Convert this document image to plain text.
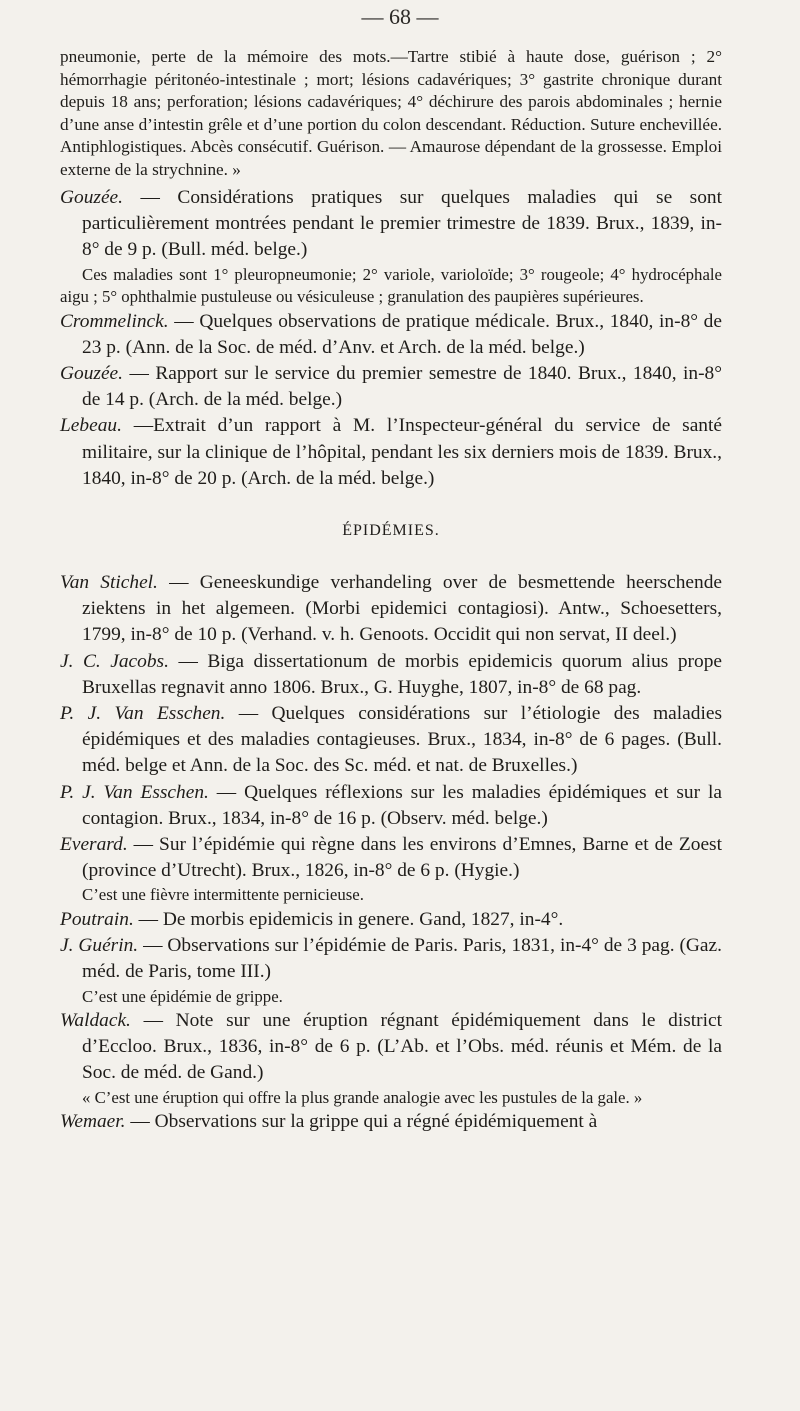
— 68 —

pneumonie, perte de la mémoire des mots.—Tartre stibié à haute dose, guérison ; 2° hémorrhagie péritonéo-intestinale ; mort; lésions cadavériques; 3° gastrite chronique durant depuis 18 ans; perforation; lésions cadavériques; 4° déchirure des parois abdominales ; hernie d’une anse d’intestin grêle et d’une portion du colon descendant. Réduction. Suture enchevillée. Antiphlogistiques. Abcès consécutif. Guérison. — Amaurose dépendant de la grossesse. Emploi externe de la strychnine. »

Gouzée. — Considérations pratiques sur quelques maladies qui se sont particulièrement montrées pendant le premier trimestre de 1839. Brux., 1839, in-8° de 9 p. (Bull. méd. belge.)

Ces maladies sont 1° pleuropneumonie; 2° variole, varioloïde; 3° rougeole; 4° hydrocéphale aigu ; 5° ophthalmie pustuleuse ou vésiculeuse ; granulation des paupières supérieures.

Crommelinck. — Quelques observations de pratique médicale. Brux., 1840, in-8° de 23 p. (Ann. de la Soc. de méd. d’Anv. et Arch. de la méd. belge.)

Gouzée. — Rapport sur le service du premier semestre de 1840. Brux., 1840, in-8° de 14 p. (Arch. de la méd. belge.)

Lebeau. —Extrait d’un rapport à M. l’Inspecteur-général du service de santé militaire, sur la clinique de l’hôpital, pendant les six derniers mois de 1839. Brux., 1840, in-8° de 20 p. (Arch. de la méd. belge.)

ÉPIDÉMIES.

Van Stichel. — Geneeskundige verhandeling over de besmettende heerschende ziektens in het algemeen. (Morbi epidemici contagiosi). Antw., Schoesetters, 1799, in-8° de 10 p. (Verhand. v. h. Genoots. Occidit qui non servat, II deel.)

J. C. Jacobs. — Biga dissertationum de morbis epidemicis quorum alius prope Bruxellas regnavit anno 1806. Brux., G. Huyghe, 1807, in-8° de 68 pag.

P. J. Van Esschen. — Quelques considérations sur l’étiologie des maladies épidémiques et des maladies contagieuses. Brux., 1834, in-8° de 6 pages. (Bull. méd. belge et Ann. de la Soc. des Sc. méd. et nat. de Bruxelles.)

P. J. Van Esschen. — Quelques réflexions sur les maladies épidémiques et sur la contagion. Brux., 1834, in-8° de 16 p. (Observ. méd. belge.)

Everard. — Sur l’épidémie qui règne dans les environs d’Emnes, Barne et de Zoest (province d’Utrecht). Brux., 1826, in-8° de 6 p. (Hygie.)

C’est une fièvre intermittente pernicieuse.

Poutrain. — De morbis epidemicis in genere. Gand, 1827, in-4°.

J. Guérin. — Observations sur l’épidémie de Paris. Paris, 1831, in-4° de 3 pag. (Gaz. méd. de Paris, tome III.)

C’est une épidémie de grippe.

Waldack. — Note sur une éruption régnant épidémiquement dans le district d’Eccloo. Brux., 1836, in-8° de 6 p. (L’Ab. et l’Obs. méd. réunis et Mém. de la Soc. de méd. de Gand.)

« C’est une éruption qui offre la plus grande analogie avec les pustules de la gale. »

Wemaer. — Observations sur la grippe qui a régné épidémiquement à
